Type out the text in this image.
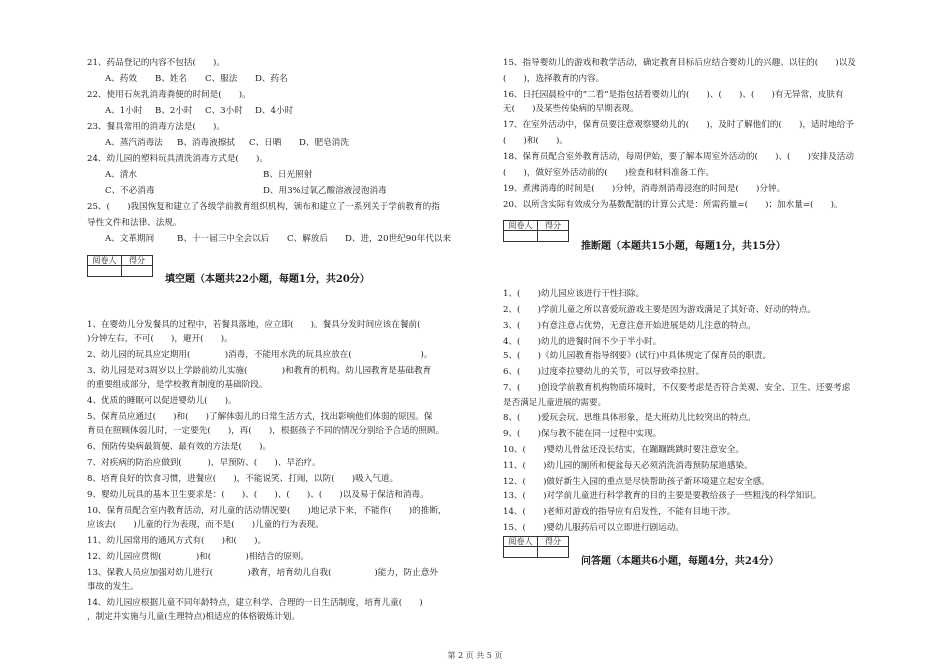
21、药品登记的内容不包括(　　)。
A、药效 B、姓名 C、服法 D、药名
22、使用石灰乳消毒粪便的时间是(　　)。
A、1小时 B、2小时 C、3小时 D、4小时
23、餐具常用的消毒方法是(　　)。
A、蒸汽消毒法 B、消毒液擦拭 C、日晒 D、肥皂消洗
24、幼儿园的塑料玩具清洗消毒方式是(　　)。
A、清水	B、日光照射
C、不必消毒	D、用3%过氧乙酸溶液浸泡消毒
25、(　　)我国恢复和建立了各级学前教育组织机构，颁布和建立了一系列关于学前教育的指
导性文件和法律、法规。
A、文革期间	B、十一届三中全会以后 C、解放后 D、进，20世纪90年代以来
阅卷人	得分
填空题（本题共22小题，每题1分，共20分）
1、在婴幼儿分发餐具的过程中，若餐具落地，应立即(　　)。餐具分发时间应该在餐前(　　
)分钟左右，不可(　　)，避开(　　)。
2、幼儿园的玩具应定期用(　　　　)消毒，不能用水洗的玩具应放在(　　　　　　　　)。
3、幼儿园是对3周岁以上学龄前幼儿实施(　　　　)和教育的机构。幼儿园教育是基础教育
的重要组成部分，是学校教育制度的基础阶段。
4、优质的睡眠可以促进婴幼儿(　　)。
5、保育员应通过(　　)和(　　)了解体弱儿的日常生活方式，找出影响他们体弱的原因。保
育员在照顾体弱儿时，一定要先(　　)，再(　　)，根据孩子不同的情况分别给予合适的照顾。
6、预防传染病最简便、最有效的方法是(　　)。
7、对疾病的防治应做到(　　　)，早预防、(　　)、早治疗。
8、培育良好的饮食习惯，进餐应(　　)，不能说笑、打闹，以防(　　)吸入气道。
9、婴幼儿玩具的基本卫生要求是：(　　)、(　　)、(　　)、(　　)以及易于保洁和消毒。
10、保育员配合室内教育活动，对儿童的活动情况要(　　)地记录下来，不能作(　　)的推断，
应该去(　　)儿童的行为表现，而不是(　　)儿童的行为表现。
11、幼儿园常用的通风方式有(　　)和(　　)。
12、幼儿园应贯彻(　　　　)和(　　　　)相结合的原则。
13、保教人员应加强对幼儿进行(　　　　)教育，培育幼儿自我(　　　　　)能力，防止意外
事故的发生。
14、幼儿园应根据儿童不同年龄特点，建立科学、合理的一日生活制度，培育儿童(　　)
，制定并实施与儿童(生理特点)相适应的体格锻炼计划。
15、指导婴幼儿的游戏和教学活动，确定教育目标后应结合婴幼儿的兴趣、以往的(　　)以及
(　　)，选择教育的内容。
16、日托园晨检中的“二看”是指包括看婴幼儿的(　　)、(　　)、(　　)有无异常，皮肤有
无(　　)及某些传染病的早期表现。
17、在室外活动中，保育员要注意观察婴幼儿的(　　)，及时了解他们的(　　)，适时地给予
(　　)和(　　)。
18、保育员配合室外教育活动，每周伊始，要了解本周室外活动的(　　)、(　　)安排及活动
(　　)，做好室外活动前的(　　)检查和材料准备工作。
19、煮沸消毒的时间是(　　)分钟，消毒剂消毒浸泡的时间是(　　)分钟。
20、以所含实际有效成分为基数配制的计算公式是：所需药量=(　　)；加水量=(　　)。
阅卷人	得分
推断题（本题共15小题，每题1分，共15分）
1、(　　)幼儿园应该进行干性扫除。
2、(　　)学前儿童之所以喜爱玩游戏主要是因为游戏满足了其好奇、好动的特点。
3、(　　)有意注意占优势，无意注意开始进展是幼儿注意的特点。
4、(　　)幼儿的进餐时间不少于半小时。
5、(　　)《幼儿园教育指导纲要》(试行)中具体规定了保育员的职责。
6、(　　)过度牵拉婴幼儿的关节，可以导致牵拉肘。
7、(　　)创设学前教育机构物质环境时，不仅要考虑是否符合美观、安全、卫生、还要考虑
是否满足儿童进展的需要。
8、(　　)爱玩会玩、思维具体形象，是大班幼儿比较突出的特点。
9、(　　)保与教不能在同一过程中实现。
10、(　　)婴幼儿骨盆还没长结实，在蹦蹦跳跳时要注意安全。
11、(　　)幼儿园的厕所和便盆每天必须消洗消毒预防尿道感染。
12、(　　)做好新生入园的重点是尽快帮助孩子新环境建立起安全感。
13、(　　)对学前儿童进行科学教育的目的主要是要教给孩子一些粗浅的科学知识。
14、(　　)老师对游戏的指导应有启发性，不能有目地干涉。
15、(　　)婴幼儿服药后可以立即进行剧运动。
阅卷人	得分
问答题（本题共6小题，每题4分，共24分）
第 2 页 共 5 页
